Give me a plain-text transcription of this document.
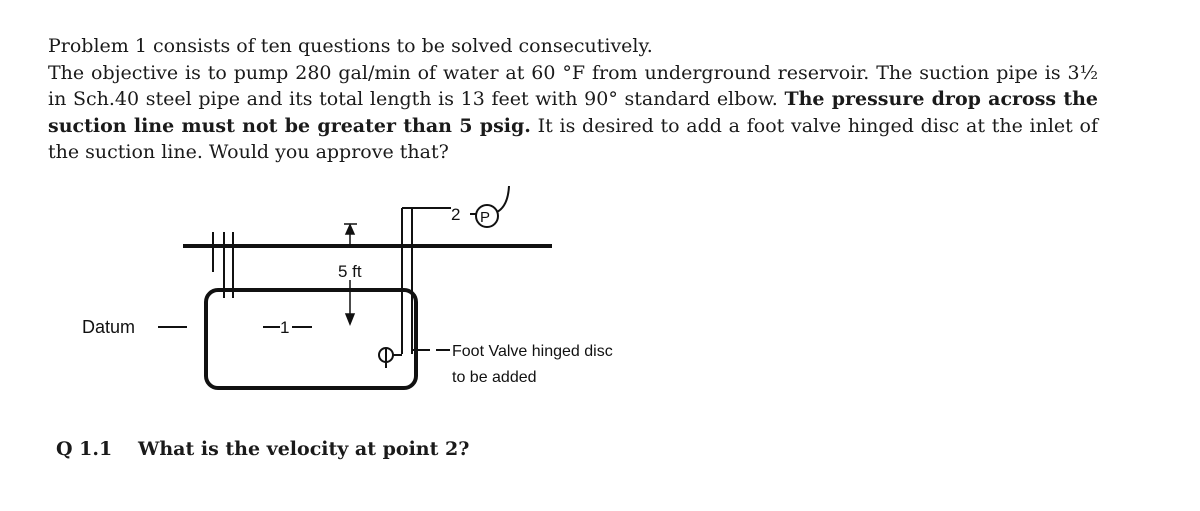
Problem 1 consists of ten questions to be solved consecutively.

The objective is to pump 280 gal/min of water at 60 °F from underground reservoir. The suction pipe is 3½ in Sch.40 steel pipe and its total length is 13 feet with 90° standard elbow. The pressure drop across the suction line must not be greater than 5 psig. It is desired to add a foot valve hinged disc at the inlet of the suction line. Would you approve that?

Datum	1
5 ft
2 P
Foot Valve hinged disc
to be added
Q 1.1 What is the velocity at point 2?
